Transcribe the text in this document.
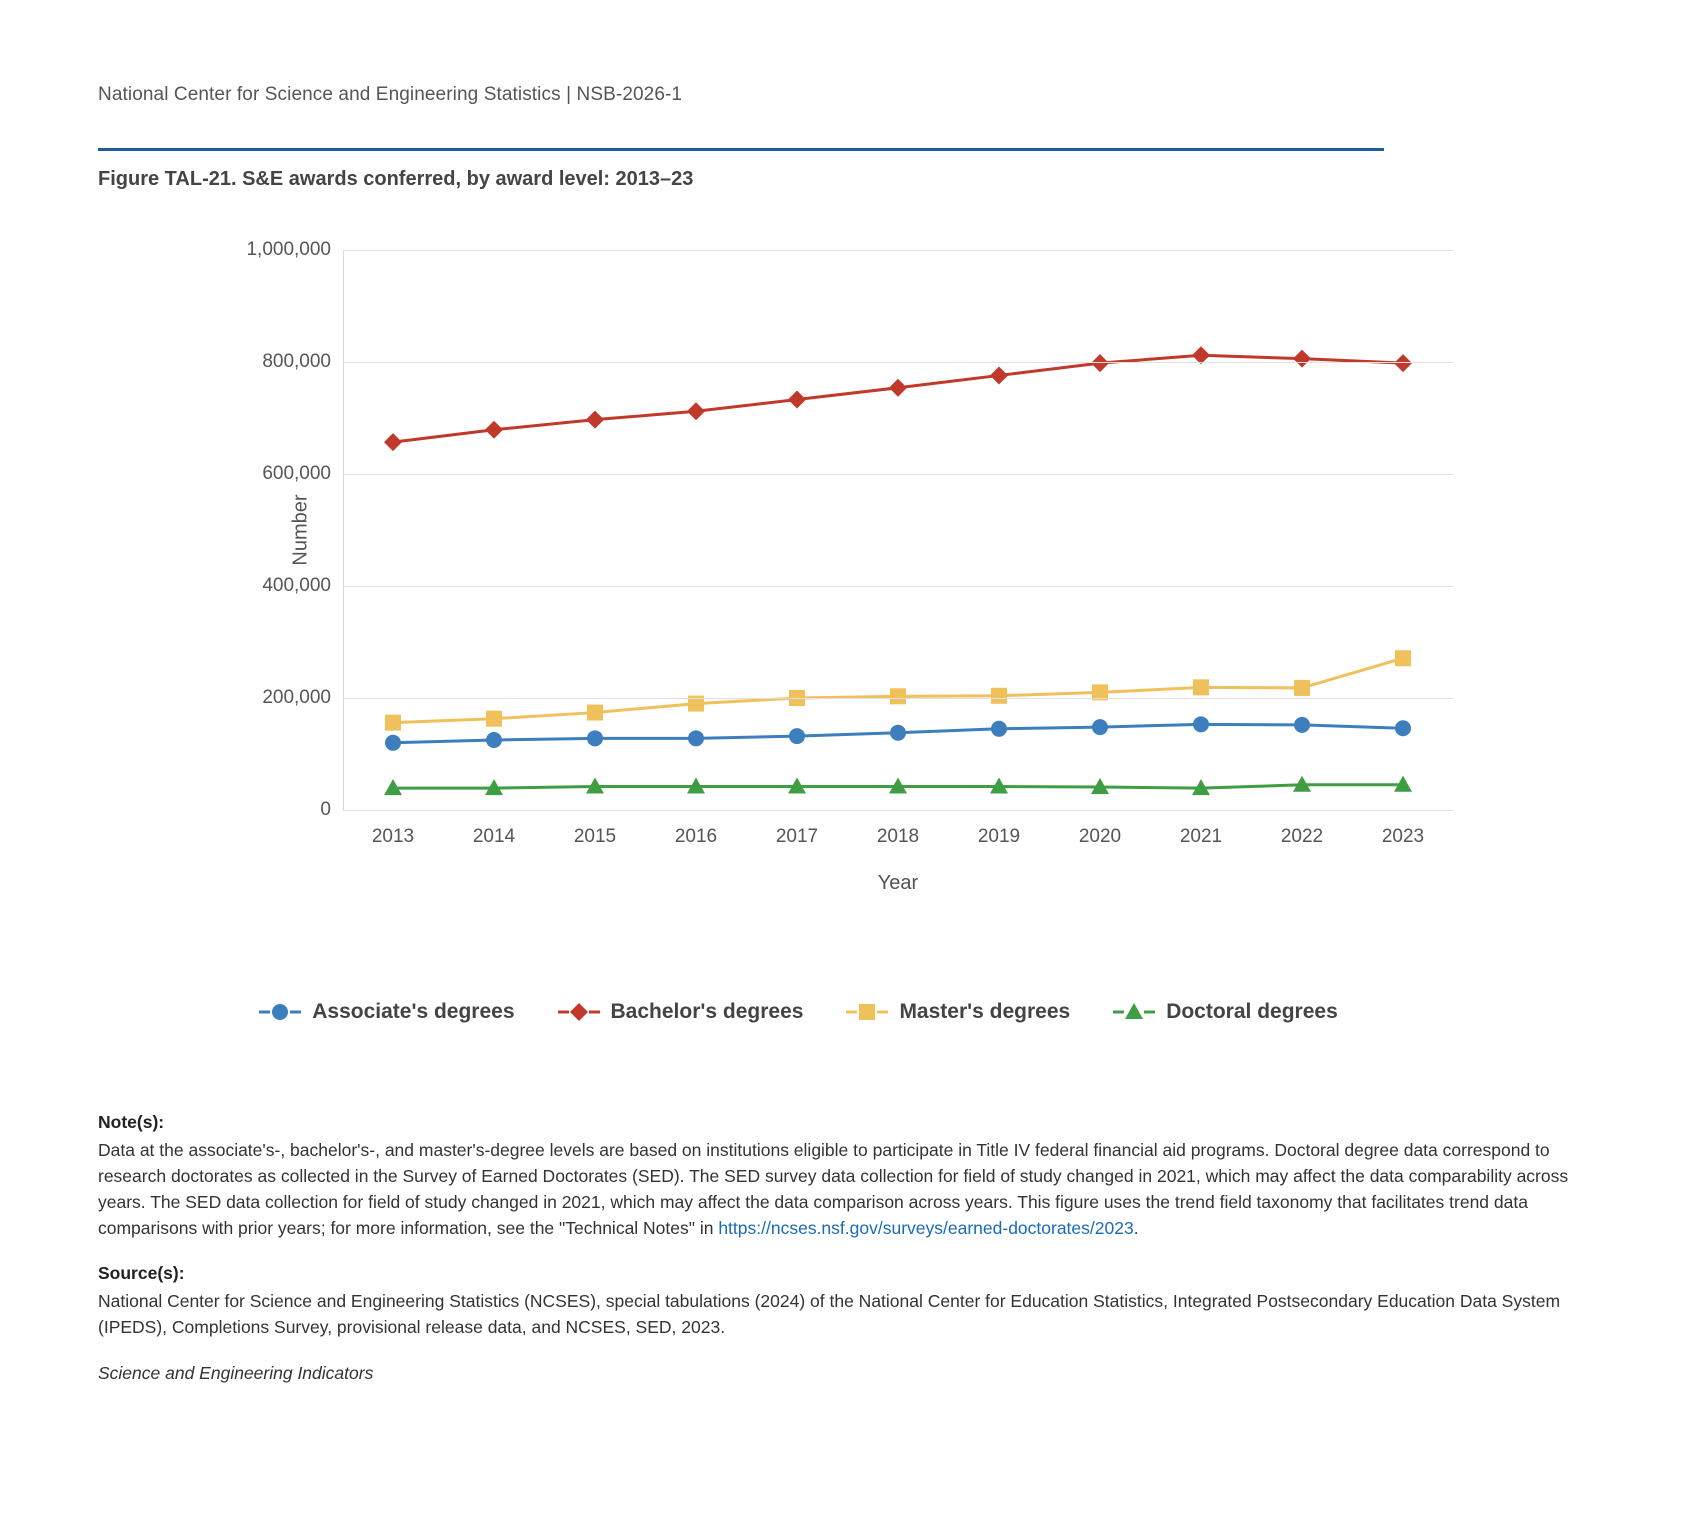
National Center for Science and Engineering Statistics | NSB-2026-1
Figure TAL-21. S&E awards conferred, by award level: 2013–23
Number
Year
0
200,000
400,000
600,000
800,000
1,000,000
2013	2014	2015	2016	2017	2018	2019	2020	2021	2022	2023
Associate's degrees	Bachelor's degrees	Master's degrees	Doctoral degrees
Note(s):

Data at the associate's-, bachelor's-, and master's-degree levels are based on institutions eligible to participate in Title IV federal financial aid programs. Doctoral degree data correspond to research doctorates as collected in the Survey of Earned Doctorates (SED). The SED survey data collection for field of study changed in 2021, which may affect the data comparability across years. The SED data collection for field of study changed in 2021, which may affect the data comparison across years. This figure uses the trend field taxonomy that facilitates trend data comparisons with prior years; for more information, see the "Technical Notes" in https://ncses.nsf.gov/surveys/earned-doctorates/2023.

Source(s):

National Center for Science and Engineering Statistics (NCSES), special tabulations (2024) of the National Center for Education Statistics, Integrated Postsecondary Education Data System (IPEDS), Completions Survey, provisional release data, and NCSES, SED, 2023.

Science and Engineering Indicators
